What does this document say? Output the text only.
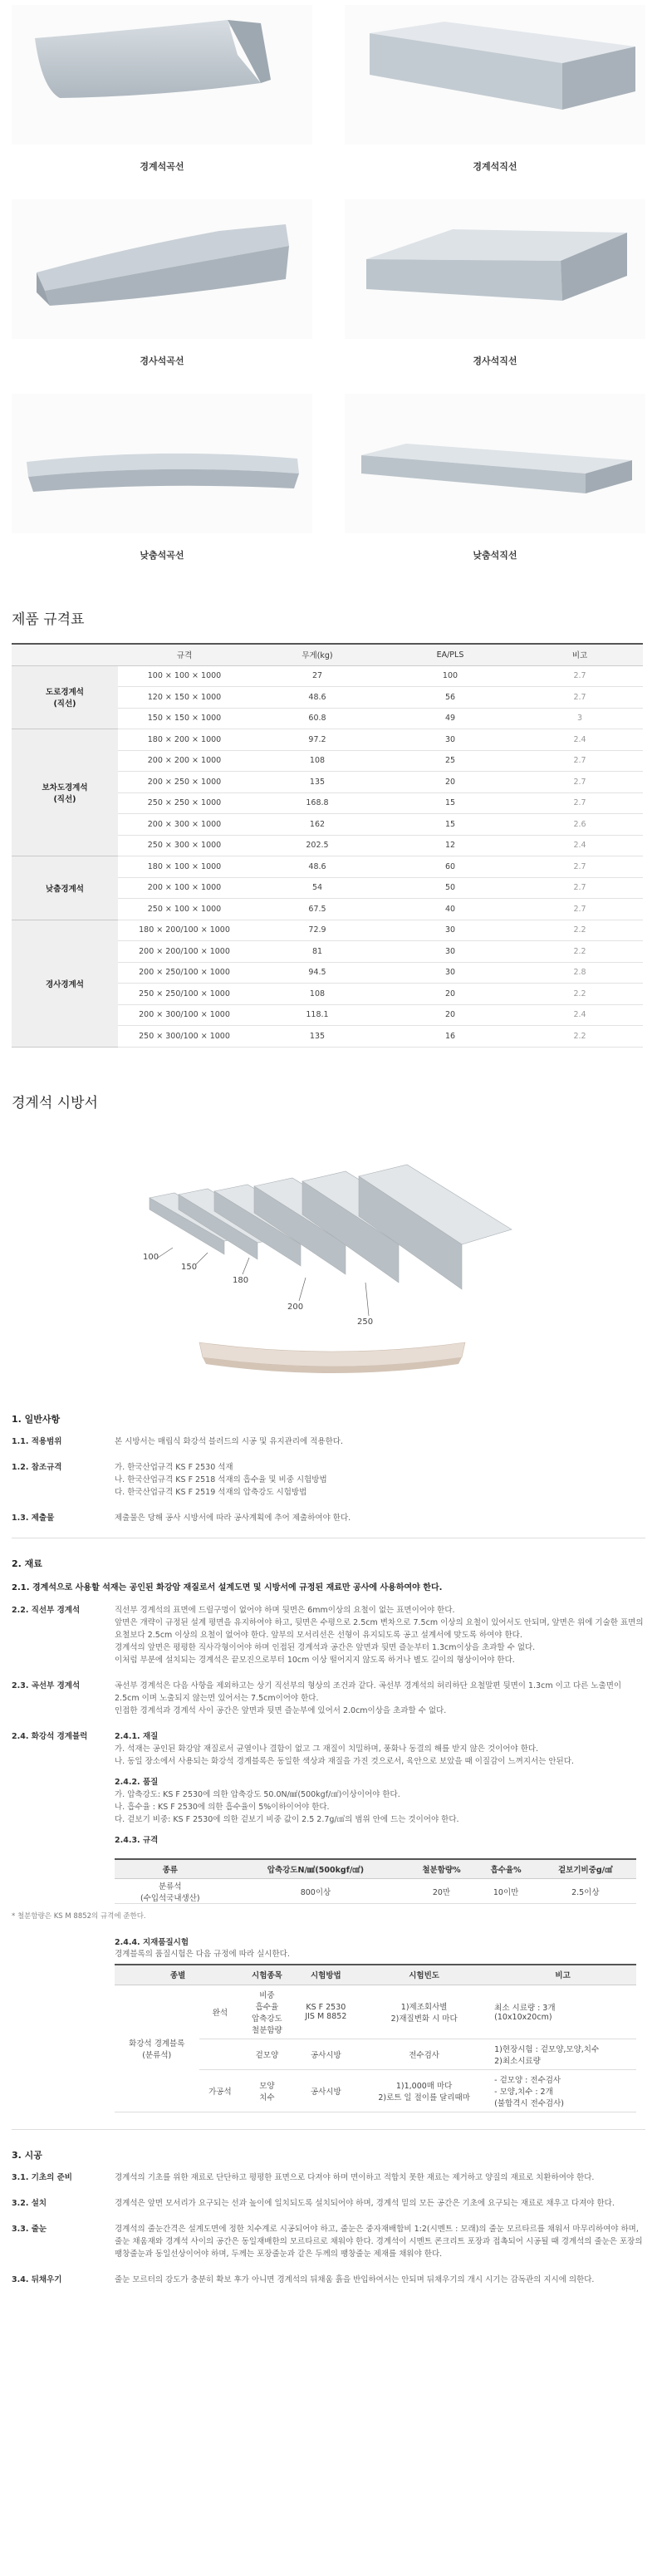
경계석곡선	경계석직선
경사석곡선	경사석직선
낮춤석곡선	낮춤석직선
제품 규격표
	규격	무게(kg)	EA/PLS	비고
도로경계석
(직선)	100 × 100 × 1000	27	100	2.7
	120 × 150 × 1000	48.6	56	2.7
	150 × 150 × 1000	60.8	49	3
보차도경계석
(직선)	180 × 200 × 1000	97.2	30	2.4
	200 × 200 × 1000	108	25	2.7
	200 × 250 × 1000	135	20	2.7
	250 × 250 × 1000	168.8	15	2.7
	200 × 300 × 1000	162	15	2.6
	250 × 300 × 1000	202.5	12	2.4
낮춤경계석	180 × 100 × 1000	48.6	60	2.7
	200 × 100 × 1000	54	50	2.7
	250 × 100 × 1000	67.5	40	2.7
경사경계석	180 × 200/100 × 1000	72.9	30	2.2
	200 × 200/100 × 1000	81	30	2.2
	200 × 250/100 × 1000	94.5	30	2.8
	250 × 250/100 × 1000	108	20	2.2
	200 × 300/100 × 1000	118.1	20	2.4
	250 × 300/100 × 1000	135	16	2.2
경계석 시방서
100
150
180
200
250
1. 일반사항
1.1. 적용범위	본 시방서는 매립식 화강석 블러드의 시공 및 유지관리에 적용한다.
1.2. 참조규격	가. 한국산업규격 KS F 2530 석재
나. 한국산업규격 KS F 2518 석재의 흡수율 및 비중 시험방법
다. 한국산업규격 KS F 2519 석재의 압축강도 시험방법
1.3. 제출물	제출물은 당해 공사 시방서에 따라 공사계획에 추어 제출하여야 한다.
2. 재료
2.1. 경계석으로 사용할 석재는 공인된 화강암 재질로서 설계도면 및 시방서에 규정된 재료만 공사에 사용하여야 한다.
2.2. 직선부 경계석	직선부 경계석의 표면에 드릴구멍이 없어야 하며 뒷면은 6mm이상의 요철이 없는 표면이어야 한다.
앞면은 개략이 규정된 설계 평면을 유지하여야 하고, 뒷면은 수평으로 2.5cm 변차으로 7.5cm 이상의 요철이 있어서도 안되며, 앞면은 위에 기술한 표면의 요철보다 2.5cm 이상의 요철이 없어야 한다. 앞부의 모서리선은 선형이 유지되도록 공고 설계서에 맞도록 하여야 한다.
경계석의 앞면은 평평한 직사각형이어야 하며 인접된 경계석과 공간은 앞면과 뒷면 즐눈부터 1.3cm이상을 초과할 수 없다.
이처럼 부분에 설치되는 경계석은 끝모진으로부터 10cm 이상 떨어지지 않도록 하거나 별도 길이의 형상이어야 한다.
2.3. 곡선부 경계석	곡선부 경계석은 다음 사항을 제외하고는 상기 직선부의 형상의 조건과 같다. 곡선부 경계석의 허리하단 요철말편 뒷면이 1.3cm 이고 다른 노출면이 2.5cm 이며 노출되지 않는면 있어서는 7.5cm이어야 한다.
인접한 경계석과 경계석 사이 공간은 앞면과 뒷면 즐눈부에 있어서 2.0cm이상을 초과할 수 없다.
2.4. 화강석 경계블럭	2.4.1. 재질
가. 석재는 공인된 화강암 재질로서 균열이나 결함이 없고 그 재질이 치밀하며, 풍화나 동결의 해를 받지 않은 것이어야 한다.
나. 동일 장소에서 사용되는 화강석 경계블록은 동일한 색상과 재질을 가진 것으로서, 육안으로 보았을 때 이질감이 느껴지서는 안된다.
2.4.2. 품질
가. 압축강도: KS F 2530에 의한 압축강도 50.0N/㎟(500kgf/㎠)이상이어야 한다.
나. 흡수율 : KS F 2530에 의한 흡수율이 5%이하이어야 한다.
다. 겉보기 비중: KS F 2530에 의한 겉보기 비중 값이 2.5 2.7g/㎤의 범위 안에 드는 것이어야 한다.
2.4.3. 규격
종류	압축강도N/㎟(500kgf/㎠)	철분함량%	흡수율%	겉보기비중g/㎤
분류석
(수입석국내생산)	800이상	20만	10이만	2.5이상
* 철분함량은 KS M 8852의 규격에 준한다.
2.4.4. 지재품질시험
경계블록의 품질시험은 다음 규정에 따라 실시한다.
종별		시험종목	시험방법	시험빈도	비고
화강석 경계블록
(분류석)	완석	비중
흡수율
압축강도
철분함량	KS F 2530
JIS M 8852	1)제조회사별
2)재질변화 시 마다	최소 시료량 : 3개
(10x10x20cm)
		겉모양	공사시방	전수검사	1)현장시험 : 겉모양,모양,치수
2)최소시료량
	가공석	모양
치수	공사시방	1)1,000매 마다
2)로트 일 절이를 달리때마	- 겉모양 : 전수검사
- 모양,치수 : 2개
(불합격시 전수검사)
3. 시공
3.1. 기초의 준비	경계석의 기초를 위한 재료로 단단하고 평평한 표면으로 다져야 하며 면이하고 적합치 못한 재료는 제거하고 양질의 재료로 치환하여야 한다.
3.2. 설치	경계석은 앞면 모서리가 요구되는 선과 높이에 일치되도록 설치되어야 하며, 경계석 밑의 모든 공간은 기초에 요구되는 재료로 채우고 다져야 한다.
3.3. 줄눈	경계석의 줄눈간격은 설계도면에 정한 치수계로 시공되어야 하고, 줄눈은 중자재배합비 1:2(시멘트 : 모래)의 줄눈 모르타르를 채워서 마무리하여야 하며, 줄눈 채움재와 경계석 사이의 공간은 동일재배한의 모르타르로 채워야 한다. 경계석이 시멘트 콘크리트 포장과 접촉되어 시공될 때 경계석의 줄눈은 포장의 팽창줄눈과 동일선상이어야 하며, 두께는 포장줄눈과 같은 두께의 팽창줄눈 제재를 채워야 한다.
3.4. 뒤채우기	줄눈 모르터의 강도가 충분히 확보 후가 아니면 경계석의 뒤채움 흙을 반입하여서는 안되며 뒤채우기의 개시 시기는 감독관의 지시에 의한다.
